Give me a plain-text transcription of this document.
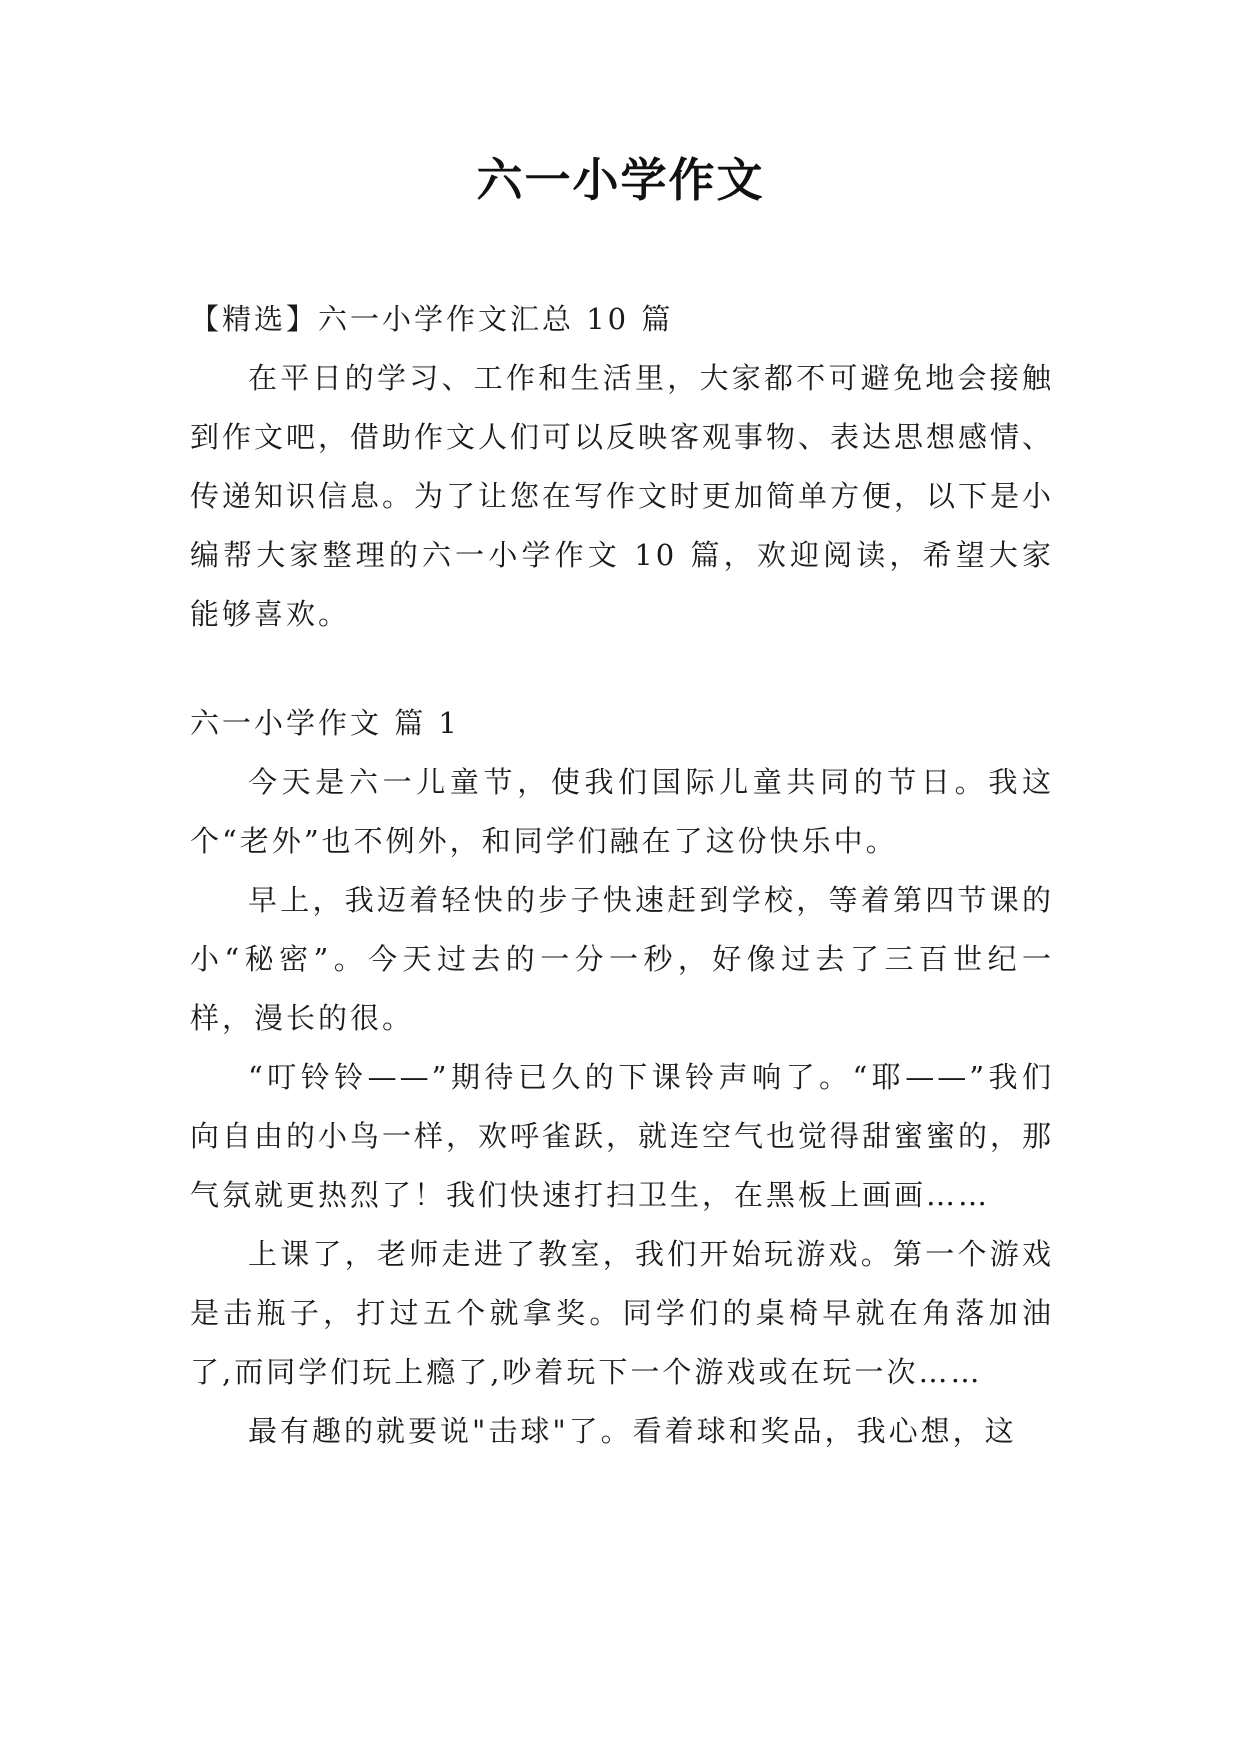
六一小学作文

【精选】六一小学作文汇总 10 篇

在平日的学习、工作和生活里，大家都不可避免地会接触到作文吧，借助作文人们可以反映客观事物、表达思想感情、传递知识信息。为了让您在写作文时更加简单方便，以下是小编帮大家整理的六一小学作文 10 篇，欢迎阅读，希望大家能够喜欢。

六一小学作文 篇 1

今天是六一儿童节，使我们国际儿童共同的节日。我这个“老外”也不例外，和同学们融在了这份快乐中。

早上，我迈着轻快的步子快速赶到学校，等着第四节课的小“秘密”。今天过去的一分一秒，好像过去了三百世纪一样，漫长的很。

“叮铃铃——”期待已久的下课铃声响了。“耶——”我们向自由的小鸟一样，欢呼雀跃，就连空气也觉得甜蜜蜜的，那气氛就更热烈了！我们快速打扫卫生，在黑板上画画……

上课了，老师走进了教室，我们开始玩游戏。第一个游戏是击瓶子，打过五个就拿奖。同学们的桌椅早就在角落加油了,而同学们玩上瘾了,吵着玩下一个游戏或在玩一次……

最有趣的就要说"击球"了。看着球和奖品，我心想，这
